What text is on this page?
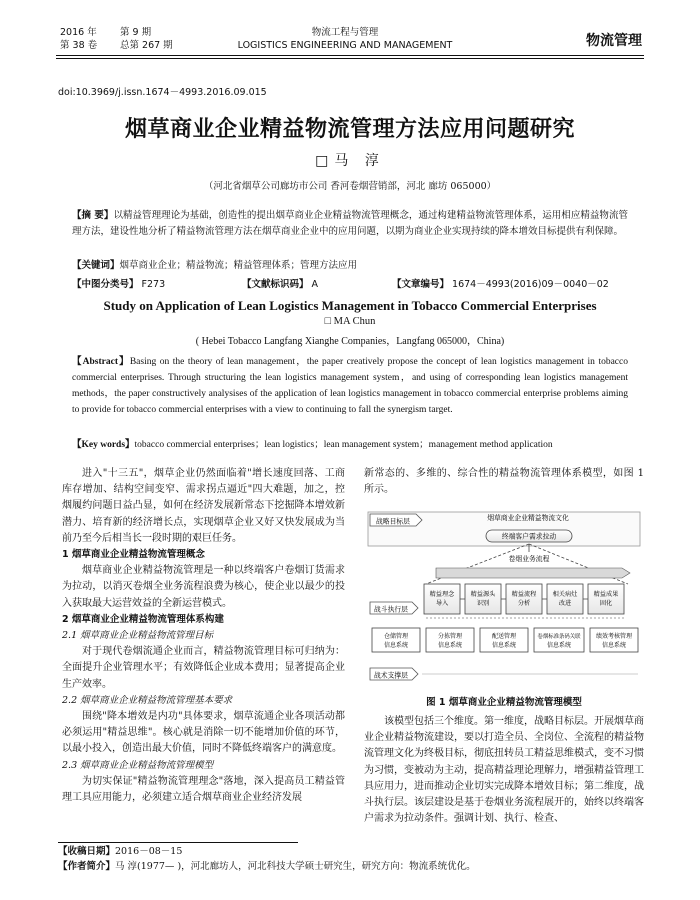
2016 年 第 9 期
第 38 卷 总第 267 期
物流工程与管理
LOGISTICS ENGINEERING AND MANAGEMENT	物流管理
doi:10.3969/j.issn.1674－4993.2016.09.015
烟草商业企业精益物流管理方法应用问题研究
□马 淳
（河北省烟草公司廊坊市公司 香河卷烟营销部，河北 廊坊 065000）
【摘 要】以精益管理理论为基础，创造性的提出烟草商业企业精益物流管理概念，通过构建精益物流管理体系，运用相应精益物流管理方法，建设性地分析了精益物流管理方法在烟草商业企业中的应用问题，以期为商业企业实现持续的降本增效目标提供有利保障。
【关键词】烟草商业企业；精益物流；精益管理体系；管理方法应用
【中图分类号】 F273	【文献标识码】 A	【文章编号】 1674－4993(2016)09－0040－02
Study on Application of Lean Logistics Management in Tobacco Commercial Enterprises
□ MA Chun
( Hebei Tobacco Langfang Xianghe Companies，Langfang 065000，China)
【Abstract】Basing on the theory of lean management，the paper creatively propose the concept of lean logistics management in tobacco commercial enterprises. Through structuring the lean logistics management system，and using of corresponding lean logistics management methods，the paper constructively analysises of the application of lean logistics management in tobacco commercial enterprise problems aiming to provide for tobacco commercial enterprises with a view to continuing to fall the synergism target.
【Key words】tobacco commercial enterprises；lean logistics；lean management system；management method application
进入"十三五"，烟草企业仍然面临着"增长速度回落、工商库存增加、结构空间变窄、需求拐点逼近"四大难题，加之，控烟履约问题日益凸显，如何在经济发展新常态下挖掘降本增效新潜力、培育新的经济增长点，实现烟草企业又好又快发展成为当前乃至今后相当长一段时期的艰巨任务。
1 烟草商业企业精益物流管理概念
烟草商业企业精益物流管理是一种以终端客户卷烟订货需求为拉动，以消灭卷烟全业务流程浪费为核心，使企业以最少的投入获取最大运营效益的全新运营模式。
2 烟草商业企业精益物流管理体系构建
2.1 烟草商业企业精益物流管理目标
对于现代卷烟流通企业而言，精益物流管理目标可归纳为：全面提升企业管理水平；有效降低企业成本费用；显著提高企业生产效率。
2.2 烟草商业企业精益物流管理基本要求
围绕"降本增效是内功"具体要求，烟草流通企业各项活动都必须运用"精益思维"。核心就是消除一切不能增加价值的环节，以最小投入，创造出最大价值，同时不降低终端客户的满意度。
2.3 烟草商业企业精益物流管理模型
为切实保证"精益物流管理理念"落地，深入提高员工精益管理工具应用能力，必须建立适合烟草商业企业经济发展
新常态的、多维的、综合性的精益物流管理体系模型，如图 1 所示。
战略目标层	烟草商业企业精益物流文化
终端客户需求拉动
卷烟业务流程
战斗执行层
精益理念
导入
精益源头
识别
精益流程
分析
相关病灶
改进
精益成果
固化
仓储管理
信息系统
分拣管理
信息系统
配送管理
信息系统
卷烟标准条码关联
信息系统
绩效考核管理
信息系统
战术支撑层
图 1 烟草商业企业精益物流管理模型
该模型包括三个维度。第一维度，战略目标层。开展烟草商业企业精益物流建设，要以打造全员、全岗位、全流程的精益物流管理文化为终极目标，彻底扭转员工精益思维模式，变不习惯为习惯，变被动为主动，提高精益理论理解力，增强精益管理工具应用力，进而推动企业切实完成降本增效目标；第二维度，战斗执行层。该层建设是基于卷烟业务流程展开的，始终以终端客户需求为拉动条件。强调计划、执行、检查、
【收稿日期】2016－08－15
【作者简介】马 淳(1977— )，河北廊坊人，河北科技大学硕士研究生，研究方向：物流系统优化。
